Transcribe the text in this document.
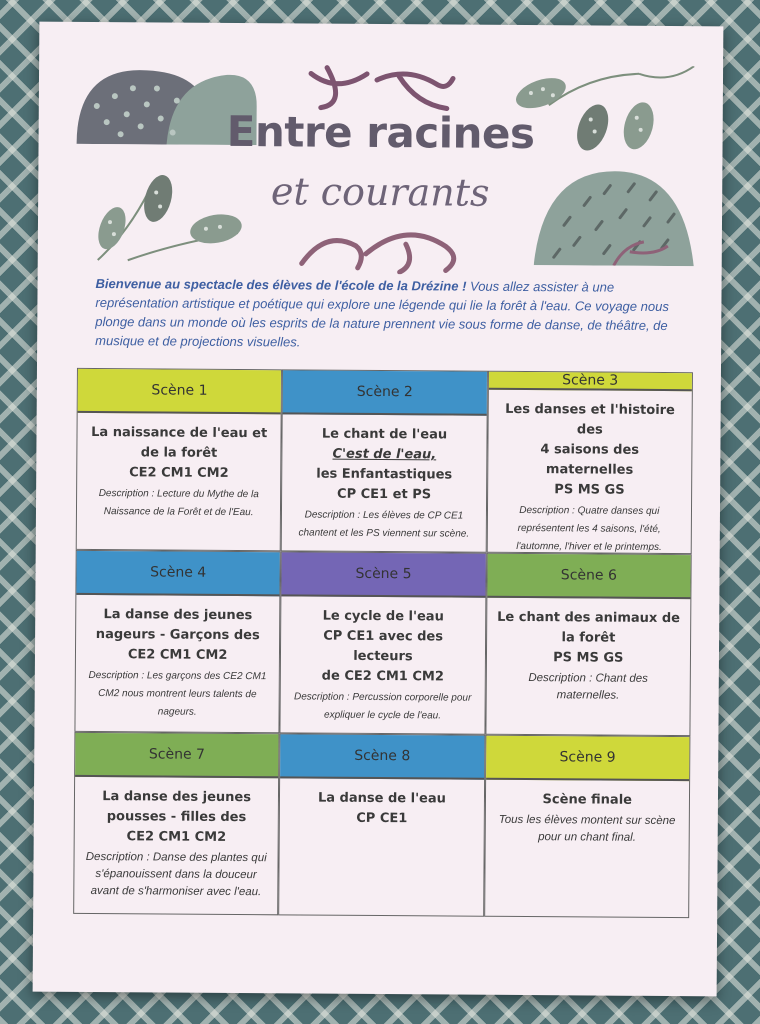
Entre racines
et courants
Bienvenue au spectacle des élèves de l'école de la Drézine ! Vous allez assister à une représentation artistique et poétique qui explore une légende qui lie la forêt à l'eau. Ce voyage nous plonge dans un monde où les esprits de la nature prennent vie sous forme de danse, de théâtre, de musique et de projections visuelles.
Scène 1
La naissance de l'eau et
de la forêt
CE2 CM1 CM2
Description : Lecture du Mythe de la Naissance de la Forêt et de l'Eau.
Scène 2
Le chant de l'eau
C'est de l'eau,
les Enfantastiques
CP CE1 et PS
Description : Les élèves de CP CE1 chantent et les PS viennent sur scène.
Scène 3
Les danses et l'histoire des
4 saisons des maternelles
PS MS GS
Description : Quatre danses qui représentent les 4 saisons, l'été, l'automne, l'hiver et le printemps.
Scène 4
La danse des jeunes
nageurs - Garçons des
CE2 CM1 CM2
Description : Les garçons des CE2 CM1 CM2 nous montrent leurs talents de nageurs.
Scène 5
Le cycle de l'eau
CP CE1 avec des lecteurs
de CE2 CM1 CM2
Description : Percussion corporelle pour expliquer le cycle de l'eau.
Scène 6
Le chant des animaux de
la forêt
PS MS GS
Description : Chant des maternelles.
Scène 7
La danse des jeunes
pousses - filles des
CE2 CM1 CM2
Description : Danse des plantes qui s'épanouissent dans la douceur avant de s'harmoniser avec l'eau.
Scène 8
La danse de l'eau
CP CE1
Scène 9
Scène finale
Tous les élèves montent sur scène pour un chant final.
